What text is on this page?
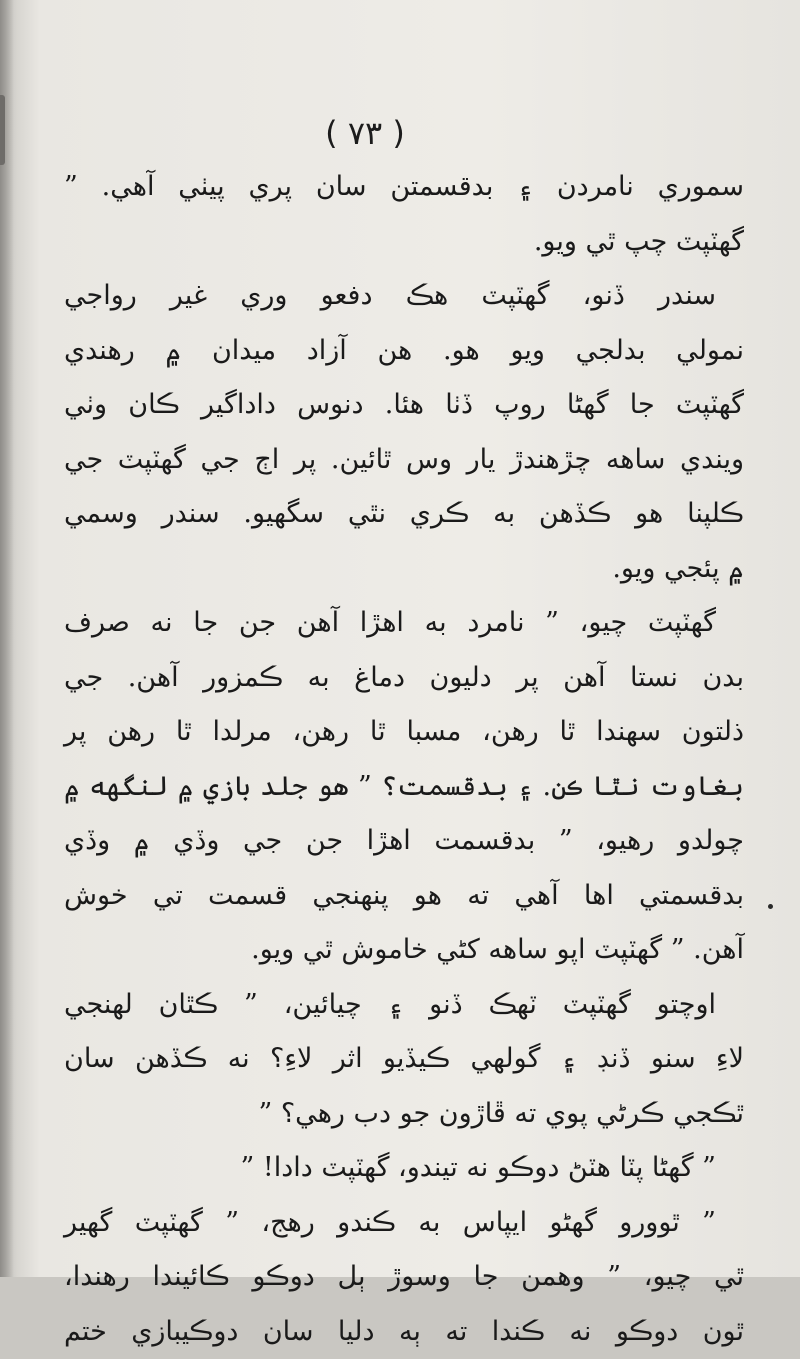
( ٧٣ )
سموري نامردن ۽ بدقسمتن سان پري پيٺي آهي. ”
گهٽپٽ چپ ٿي ويو.
سندر ڏنو، گهٽپٽ هڪ دفعو وري غير رواجي
نمولي بدلجي ويو هو. هن آزاد ميدان ۾ رهندي
گهٽپٽ جا گهڻا روپ ڏٺا هئا. دنوس داداگير ڪان وٺي
ويندي ساهه چڙهندڙ يار وس ٿائين. پر اڄ جي گهٽپٽ جي
ڪلپنا هو ڪڏهن به ڪري نٿي سگهيو. سندر وسمي
۾ پئجي ويو.
گهٽپٽ چيو، ” نامرد به اهڙا آهن جن جا نه صرف
بدن نستا آهن پر دليون دماغ به ڪمزور آهن. جي
ذلتون سهندا ٿا رهن، مسبا ٿا رهن، مرلدا ٿا رهن پر
بغاوت نٿا ڪن. ۽ بدقسمت؟ ” هو جلد بازي ۾ لنگهه ۾
چولدو رهيو، ” بدقسمت اهڙا جن جي وڏي ۾ وڏي
بدقسمتي اها آهي ته هو پنهنجي قسمت تي خوش
آهن. ” گهٽپٽ اپو ساهه کڻي خاموش ٿي ويو.
اوچتو گهٽپٽ ٽهڪ ڏنو ۽ چيائين، ” ڪٿان لهنجي
لاءِ سنو ڏنڊ ۽ گولهي ڪيڏيو اثر لاءِ؟ نه ڪڏهن سان
ٿڪجي ڪرڻي پوي ته ڦاڙون جو دب رهي؟ ”
” گهڻا پٽا هٽڻ دوڪو نه تيندو، گهٽپٽ دادا! ”
” ٿوورو گهڻو ايپاس به ڪندو رهج، ” گهٽپٽ گهير
ٿي چيو، ” وهمن جا وسوڙ ٻل دوڪو ڪائيندا رهندا،
ٿون دوڪو نه ڪندا ته ٻه دليا سان دوڪيبازي ختم
